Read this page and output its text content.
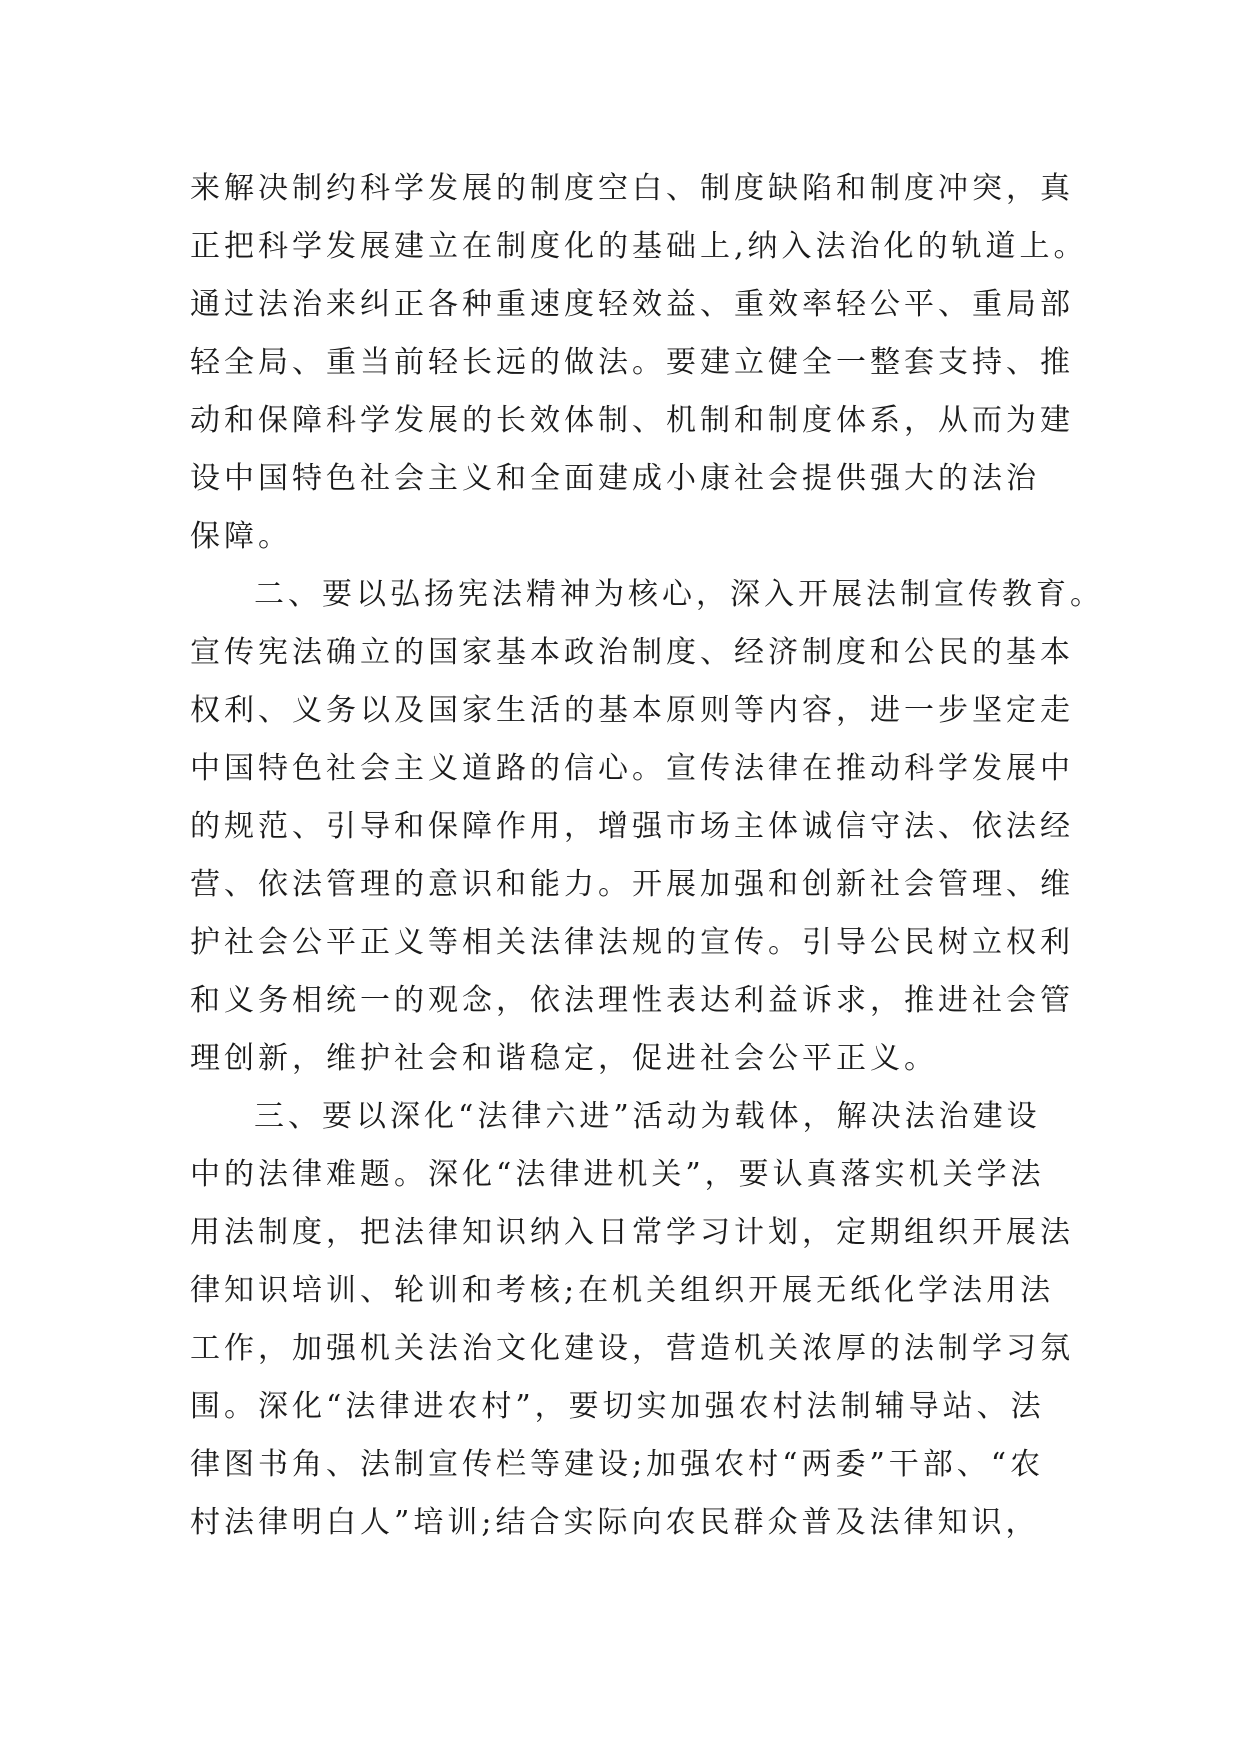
来解决制约科学发展的制度空白、制度缺陷和制度冲突，真
正把科学发展建立在制度化的基础上,纳入法治化的轨道上。
通过法治来纠正各种重速度轻效益、重效率轻公平、重局部
轻全局、重当前轻长远的做法。要建立健全一整套支持、推
动和保障科学发展的长效体制、机制和制度体系，从而为建
设中国特色社会主义和全面建成小康社会提供强大的法治
保障。
二、要以弘扬宪法精神为核心，深入开展法制宣传教育。
宣传宪法确立的国家基本政治制度、经济制度和公民的基本
权利、义务以及国家生活的基本原则等内容，进一步坚定走
中国特色社会主义道路的信心。宣传法律在推动科学发展中
的规范、引导和保障作用，增强市场主体诚信守法、依法经
营、依法管理的意识和能力。开展加强和创新社会管理、维
护社会公平正义等相关法律法规的宣传。引导公民树立权利
和义务相统一的观念，依法理性表达利益诉求，推进社会管
理创新，维护社会和谐稳定，促进社会公平正义。
三、要以深化“法律六进”活动为载体，解决法治建设
中的法律难题。深化“法律进机关”，要认真落实机关学法
用法制度，把法律知识纳入日常学习计划，定期组织开展法
律知识培训、轮训和考核;在机关组织开展无纸化学法用法
工作，加强机关法治文化建设，营造机关浓厚的法制学习氛
围。深化“法律进农村”，要切实加强农村法制辅导站、法
律图书角、法制宣传栏等建设;加强农村“两委”干部、“农
村法律明白人”培训;结合实际向农民群众普及法律知识，
